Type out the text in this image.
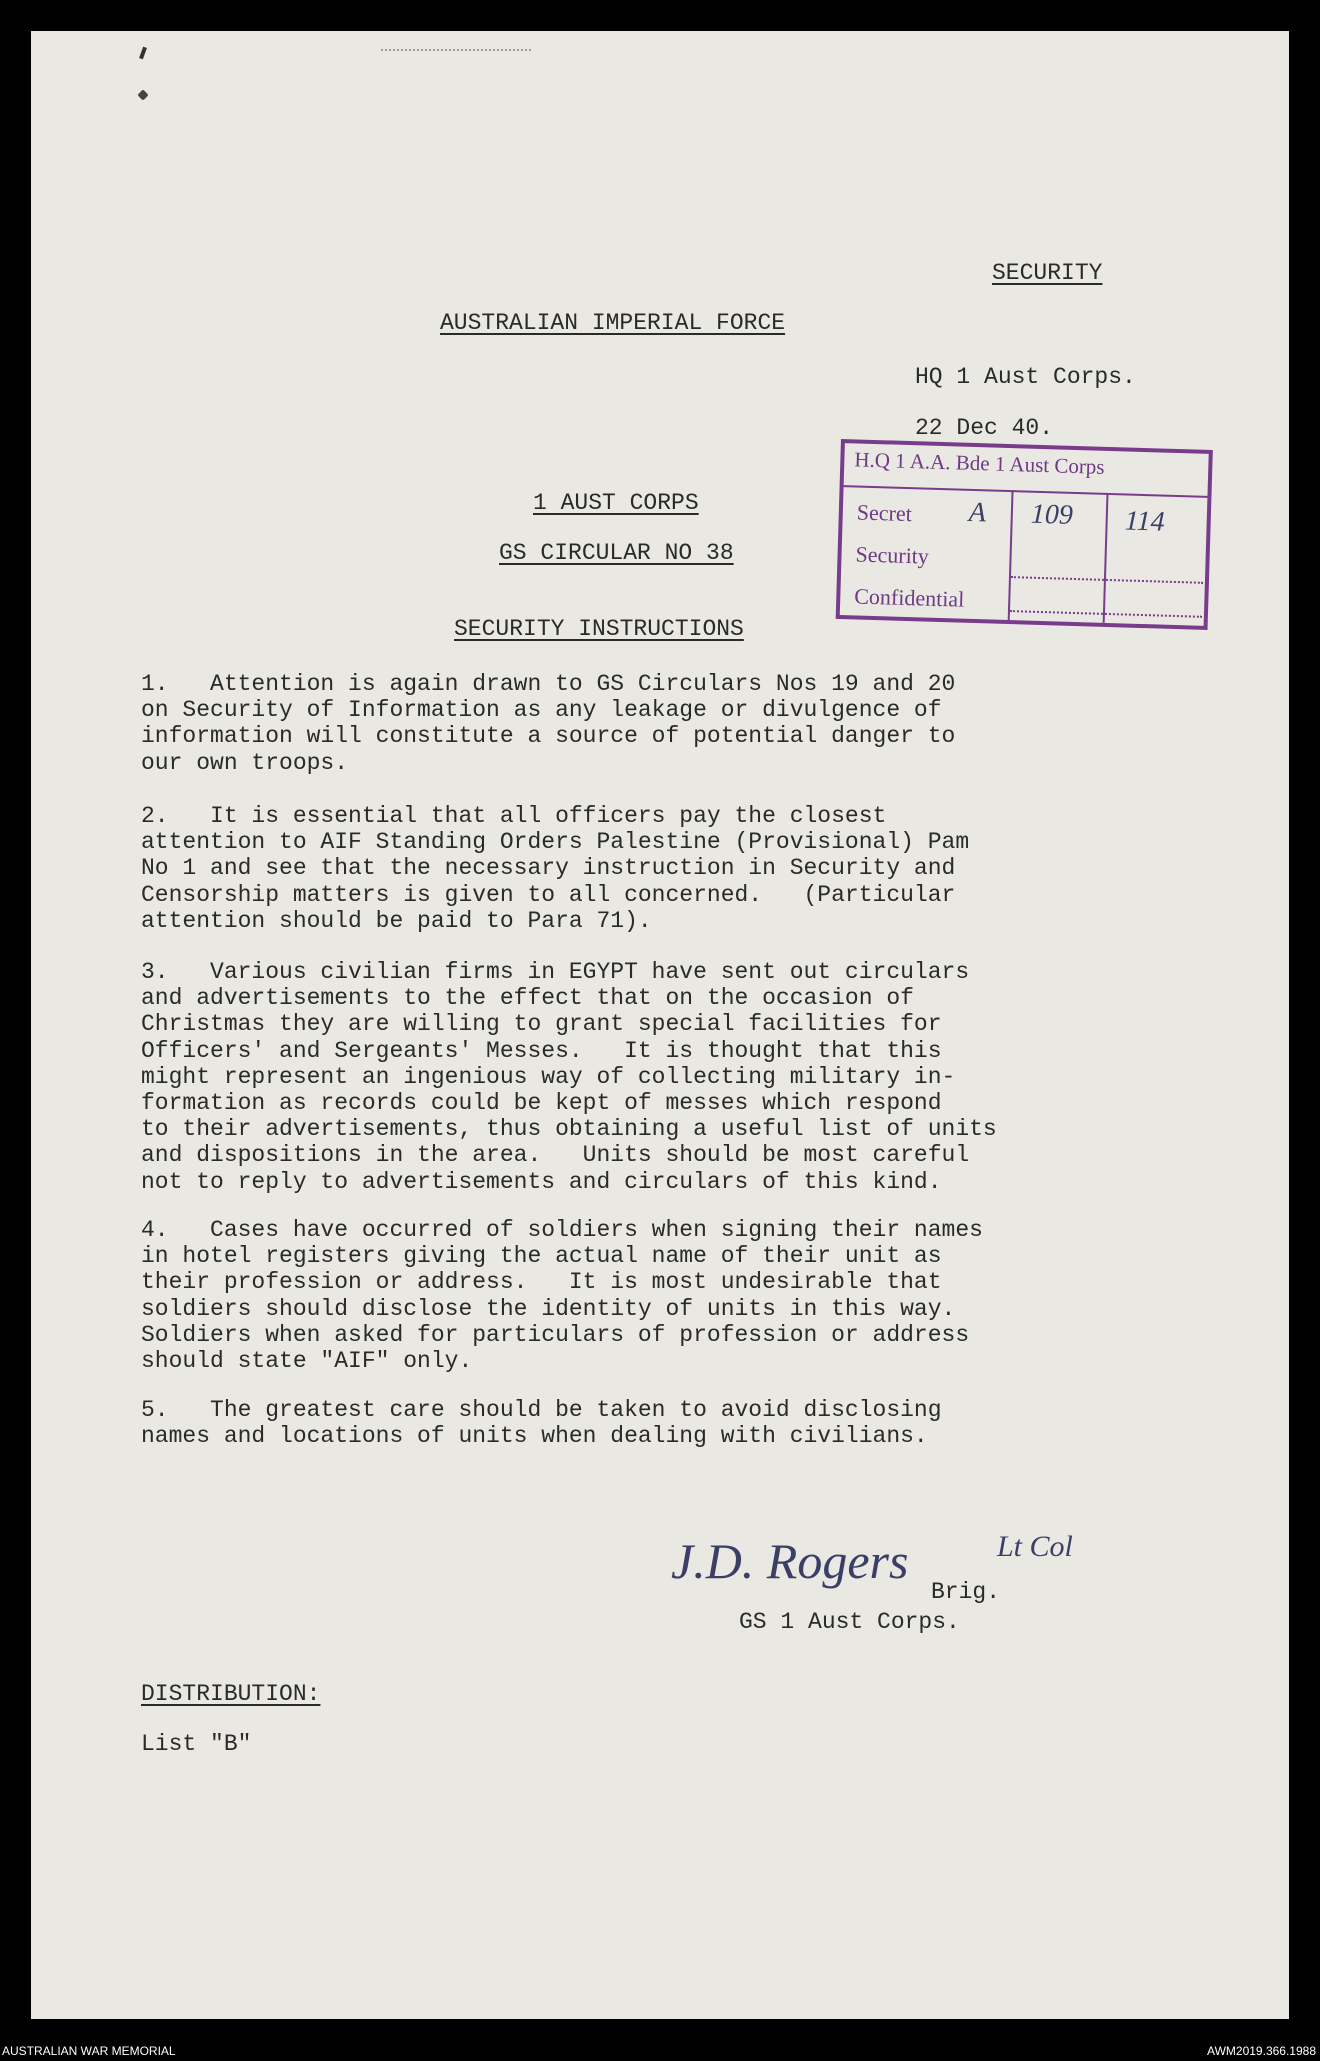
SECURITY
AUSTRALIAN IMPERIAL FORCE
HQ 1 Aust Corps.
22 Dec 40.
H.Q 1 A.A. Bde 1 Aust Corps
Secret
Security
Confidential
A 109 114
1 AUST CORPS
GS CIRCULAR NO 38
SECURITY INSTRUCTIONS
1.   Attention is again drawn to GS Circulars Nos 19 and 20
on Security of Information as any leakage or divulgence of
information will constitute a source of potential danger to
our own troops.
2.   It is essential that all officers pay the closest
attention to AIF Standing Orders Palestine (Provisional) Pam
No 1 and see that the necessary instruction in Security and
Censorship matters is given to all concerned.   (Particular
attention should be paid to Para 71).
3.   Various civilian firms in EGYPT have sent out circulars
and advertisements to the effect that on the occasion of
Christmas they are willing to grant special facilities for
Officers' and Sergeants' Messes.   It is thought that this
might represent an ingenious way of collecting military in-
formation as records could be kept of messes which respond
to their advertisements, thus obtaining a useful list of units
and dispositions in the area.   Units should be most careful
not to reply to advertisements and circulars of this kind.
4.   Cases have occurred of soldiers when signing their names
in hotel registers giving the actual name of their unit as
their profession or address.   It is most undesirable that
soldiers should disclose the identity of units in this way.
Soldiers when asked for particulars of profession or address
should state "AIF" only.
5.   The greatest care should be taken to avoid disclosing
names and locations of units when dealing with civilians.
J.D. Rogers	Lt Col
Brig.
GS 1 Aust Corps.
DISTRIBUTION:
List "B"
AUSTRALIAN WAR MEMORIAL	AWM2019.366.1988
